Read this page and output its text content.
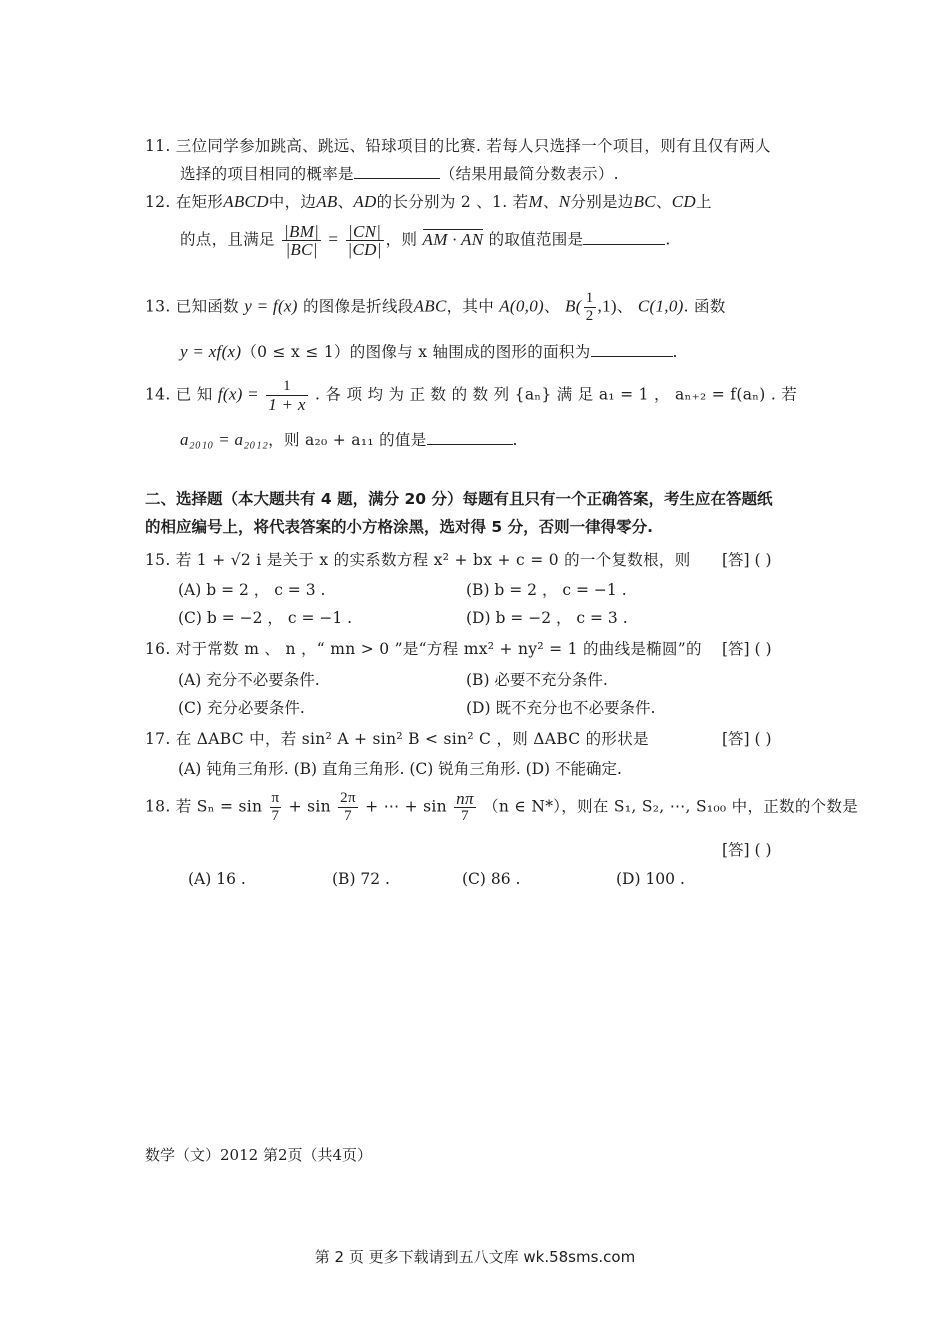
11. 三位同学参加跳高、跳远、铅球项目的比赛. 若每人只选择一个项目，则有且仅有两人
选择的项目相同的概率是	（结果用最简分数表示）.
12. 在矩形ABCD中，边AB、AD的长分别为 2 、1. 若M、N分别是边BC、CD上
的点，且满足 $\frac{|BM|}{|BC|} = \frac{|CN|}{|CD|}$ ，则 AM · AN 的取值范围是	.
13. 已知函数 y = f(x) 的图像是折线段ABC，其中 A(0,0)、 $B( \frac{1}{2} ,1)$、 C(1,0). 函数
y = xf(x)（0 ≤ x ≤ 1）的图像与 x 轴围成的图形的面积为	.
14. 已 知 $f(x) = \frac{1}{1 + x}$ . 各 项 均 为 正 数 的 数 列 {aₙ} 满 足 a₁ = 1 ， aₙ₊₂ = f(aₙ) . 若
a₂₀₁₀ = a₂₀₁₂，则 a₂₀ + a₁₁ 的值是	.
二、选择题（本大题共有 4 题，满分 20 分）每题有且只有一个正确答案，考生应在答题纸
的相应编号上，将代表答案的小方格涂黑，选对得 5 分，否则一律得零分.
15. 若 1 + √2 i 是关于 x 的实系数方程 x² + bx + c = 0 的一个复数根，则 [答] ( )
(A) b = 2 ， c = 3 .	(B) b = 2 ， c = −1 .
(C) b = −2 ， c = −1 .	(D) b = −2 ， c = 3 .
16. 对于常数 m 、 n ，“ mn > 0 ”是“方程 mx² + ny² = 1 的曲线是椭圆”的 [答] ( )
(A) 充分不必要条件.	(B) 必要不充分条件.
(C) 充分必要条件.	(D) 既不充分也不必要条件.
17. 在 ΔABC 中，若 sin² A + sin² B < sin² C ，则 ΔABC 的形状是	[答] ( )
(A) 钝角三角形. (B) 直角三角形. (C) 锐角三角形. (D) 不能确定.
18. 若 $S_n = \sin \frac{\pi}{7} + \sin \frac{2\pi}{7}$ + ⋯ + $\sin \frac{n\pi}{7} (n$ ∈ N*），则在 S₁, S₂, ⋯, S₁₀₀ 中，正数的个数是
[答] ( )
(A) 16 .	(B) 72 .	(C) 86 .	(D) 100 .
数学（文）2012 第2页（共4页）
第 2 页 更多下载请到五八文库 wk.58sms.com
